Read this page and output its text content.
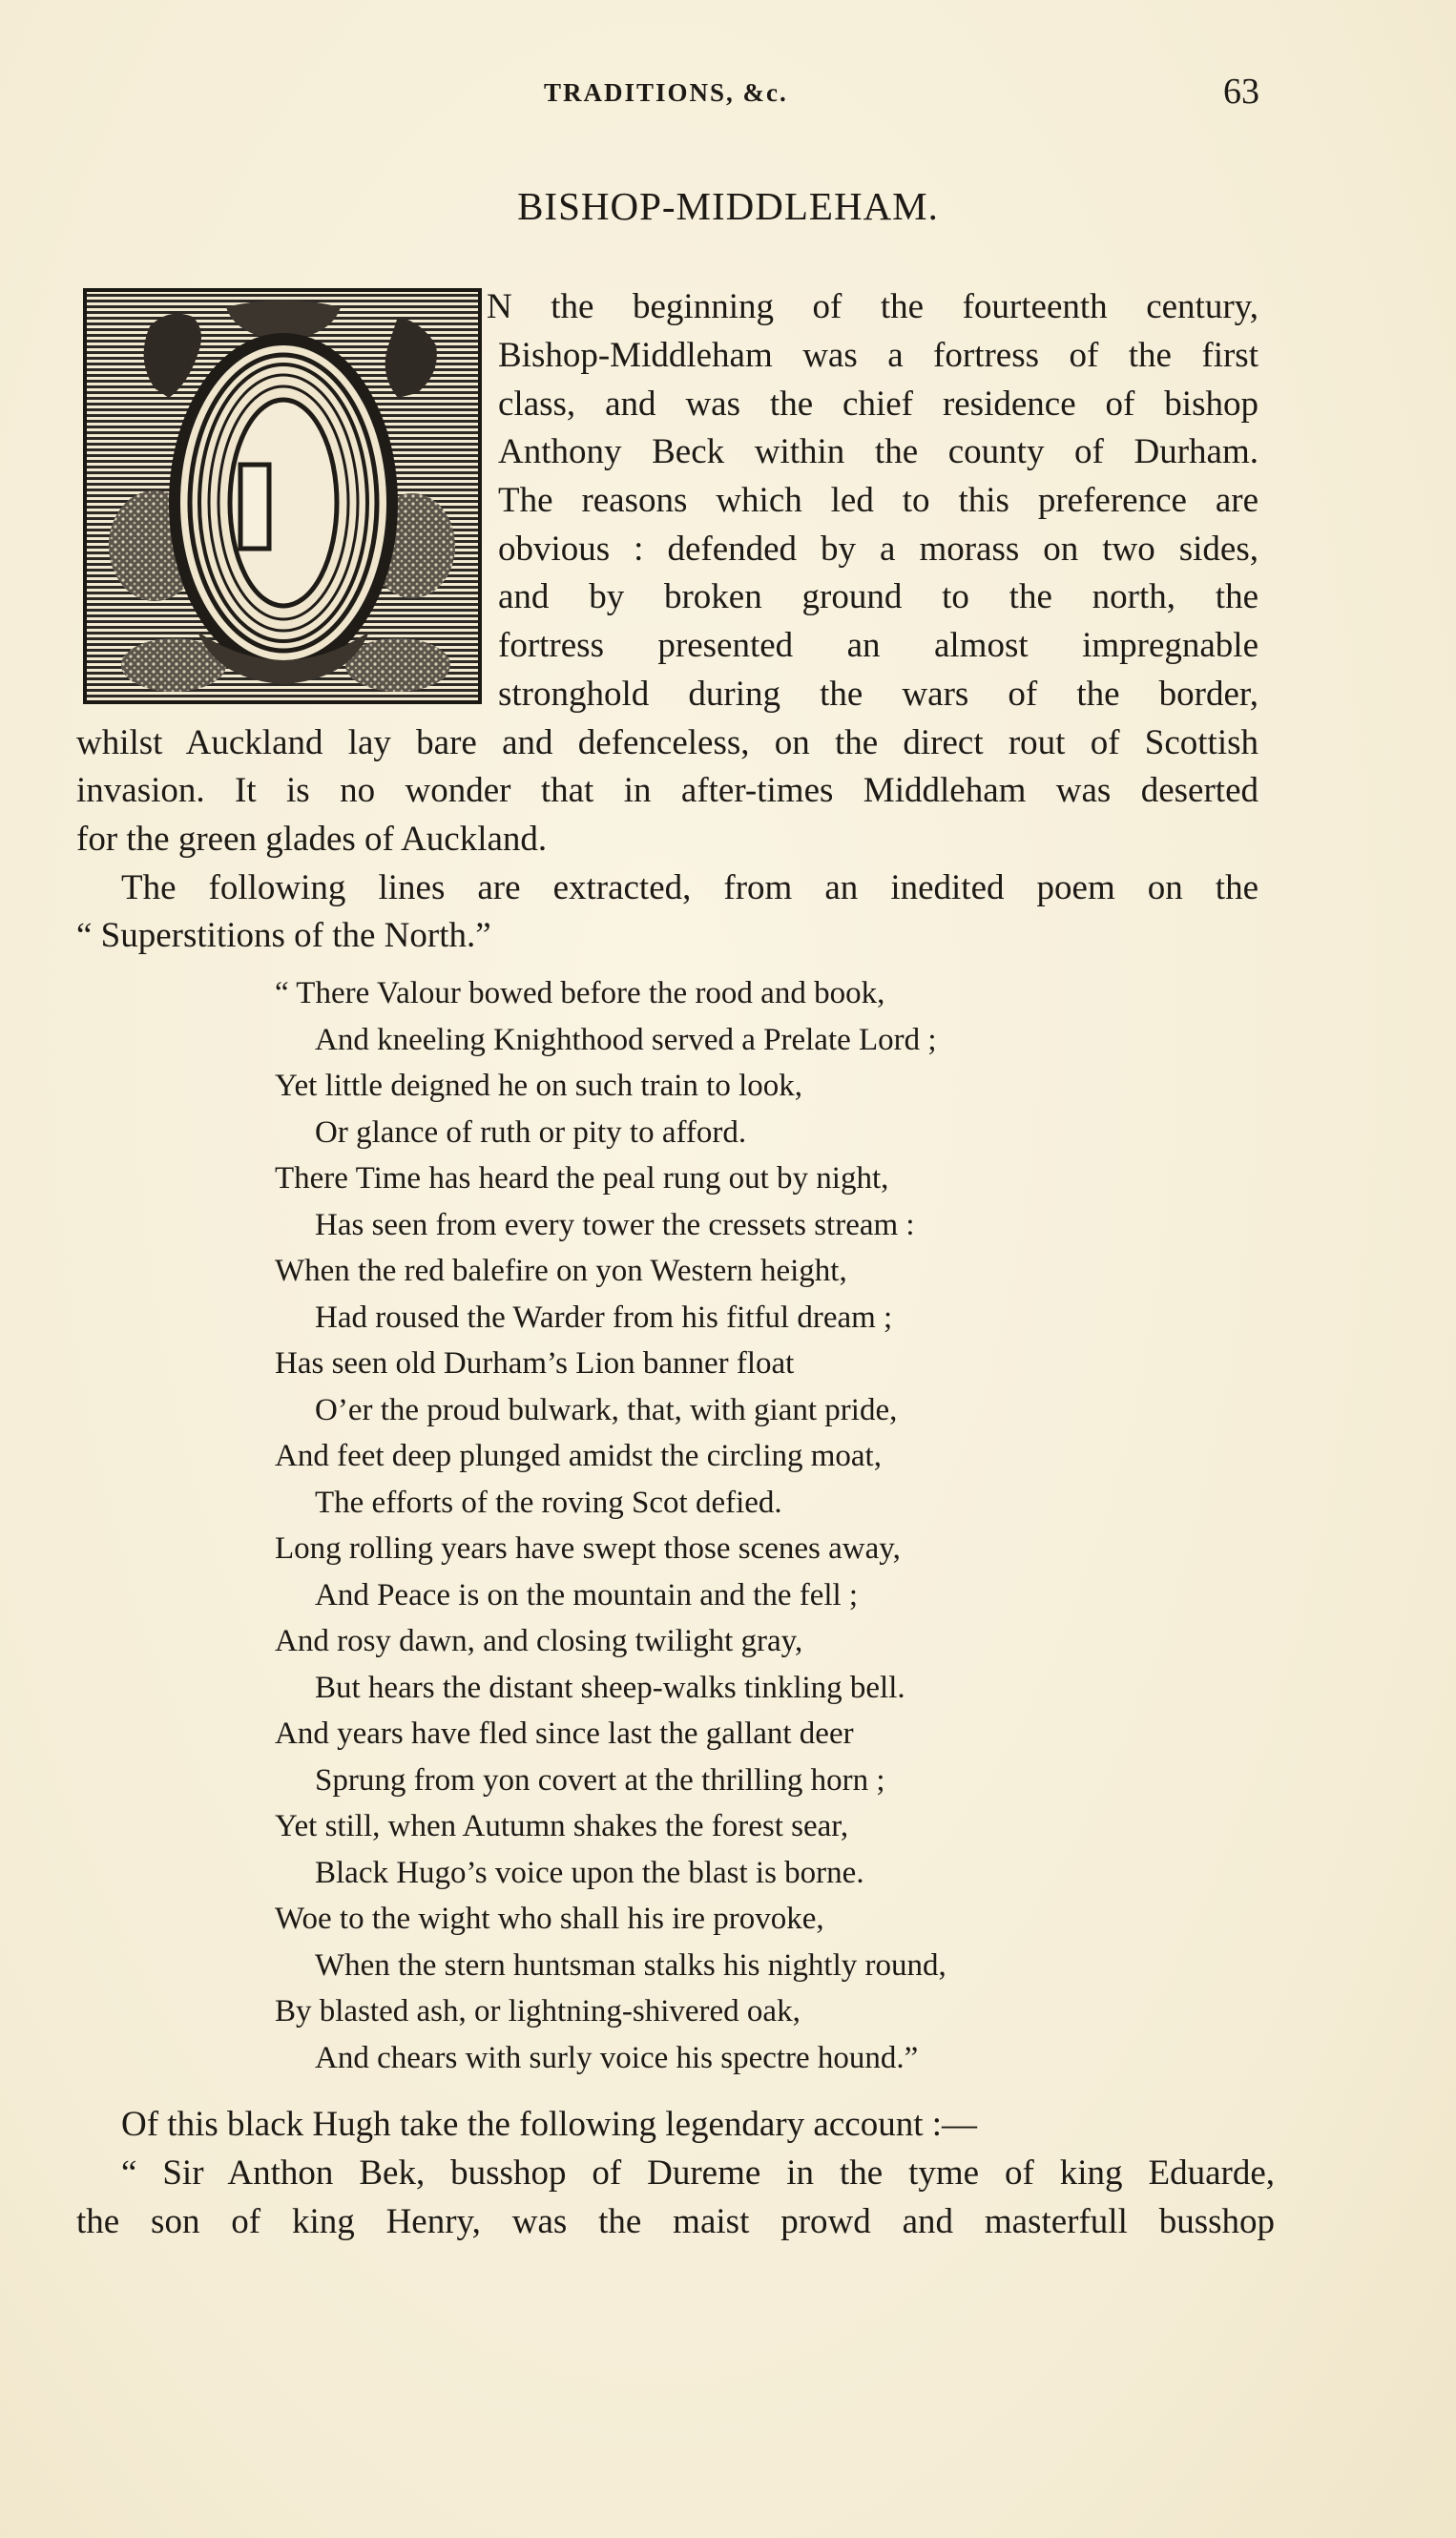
TRADITIONS, &c.	63
BISHOP-MIDDLEHAM.
N the beginning of the fourteenth century,
Bishop-Middleham was a fortress of the first
class, and was the chief residence of bishop
Anthony Beck within the county of Durham.
The reasons which led to this preference are
obvious : defended by a morass on two sides,
and by broken ground to the north, the
fortress presented an almost impregnable
stronghold during the wars of the border,
whilst Auckland lay bare and defenceless, on the direct rout of Scottish
invasion. It is no wonder that in after-times Middleham was deserted
for the green glades of Auckland.
The following lines are extracted, from an inedited poem on the
“ Superstitions of the North.”
“ There Valour bowed before the rood and book,
And kneeling Knighthood served a Prelate Lord ;
Yet little deigned he on such train to look,
Or glance of ruth or pity to afford.
There Time has heard the peal rung out by night,
Has seen from every tower the cressets stream :
When the red balefire on yon Western height,
Had roused the Warder from his fitful dream ;
Has seen old Durham’s Lion banner float
O’er the proud bulwark, that, with giant pride,
And feet deep plunged amidst the circling moat,
The efforts of the roving Scot defied.
Long rolling years have swept those scenes away,
And Peace is on the mountain and the fell ;
And rosy dawn, and closing twilight gray,
But hears the distant sheep-walks tinkling bell.
And years have fled since last the gallant deer
Sprung from yon covert at the thrilling horn ;
Yet still, when Autumn shakes the forest sear,
Black Hugo’s voice upon the blast is borne.
Woe to the wight who shall his ire provoke,
When the stern huntsman stalks his nightly round,
By blasted ash, or lightning-shivered oak,
And chears with surly voice his spectre hound.”
Of this black Hugh take the following legendary account :—
“ Sir Anthon Bek, busshop of Dureme in the tyme of king Eduarde,
the son of king Henry, was the maist prowd and masterfull busshop
